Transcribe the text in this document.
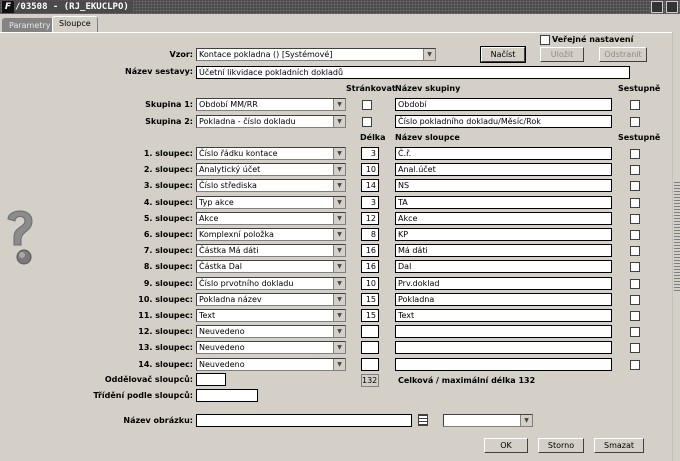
F /03508 - (RJ_EKUCLPO)
Parametry	Sloupce
Veřejné nastavení
Vzor: Kontace pokladna () [Systémové]	▼	Načíst	Uložit	Odstranit
Název sestavy: Účetní likvidace pokladních dokladů
Stránkovat Název skupiny	Sestupně
Skupina 1: Období MM/RR	▼	Období
Skupina 2: Pokladna - číslo dokladu	▼	Číslo pokladního dokladu/Měsíc/Rok
Délka Název sloupce	Sestupně
1. sloupec: Číslo řádku kontace	▼	3	Č.ř.
2. sloupec: Analytický účet	▼	10	Anal.účet
3. sloupec: Číslo střediska	▼	14	NS
4. sloupec: Typ akce	▼	3	TA
5. sloupec: Akce	▼	12	Akce
6. sloupec: Komplexní položka	▼	8	KP
7. sloupec: Částka Má dáti	▼	16	Má dáti
8. sloupec: Částka Dal	▼	16	Dal
9. sloupec: Číslo prvotního dokladu	▼	10	Prv.doklad
10. sloupec: Pokladna název	▼	15	Pokladna
11. sloupec: Text	▼	15	Text
12. sloupec: Neuvedeno	▼
13. sloupec: Neuvedeno	▼
14. sloupec: Neuvedeno	▼
Oddělovač sloupců:	132	Celková / maximální délka 132
Třídění podle sloupců:
Název obrázku:	▼
OK	Storno	Smazat
